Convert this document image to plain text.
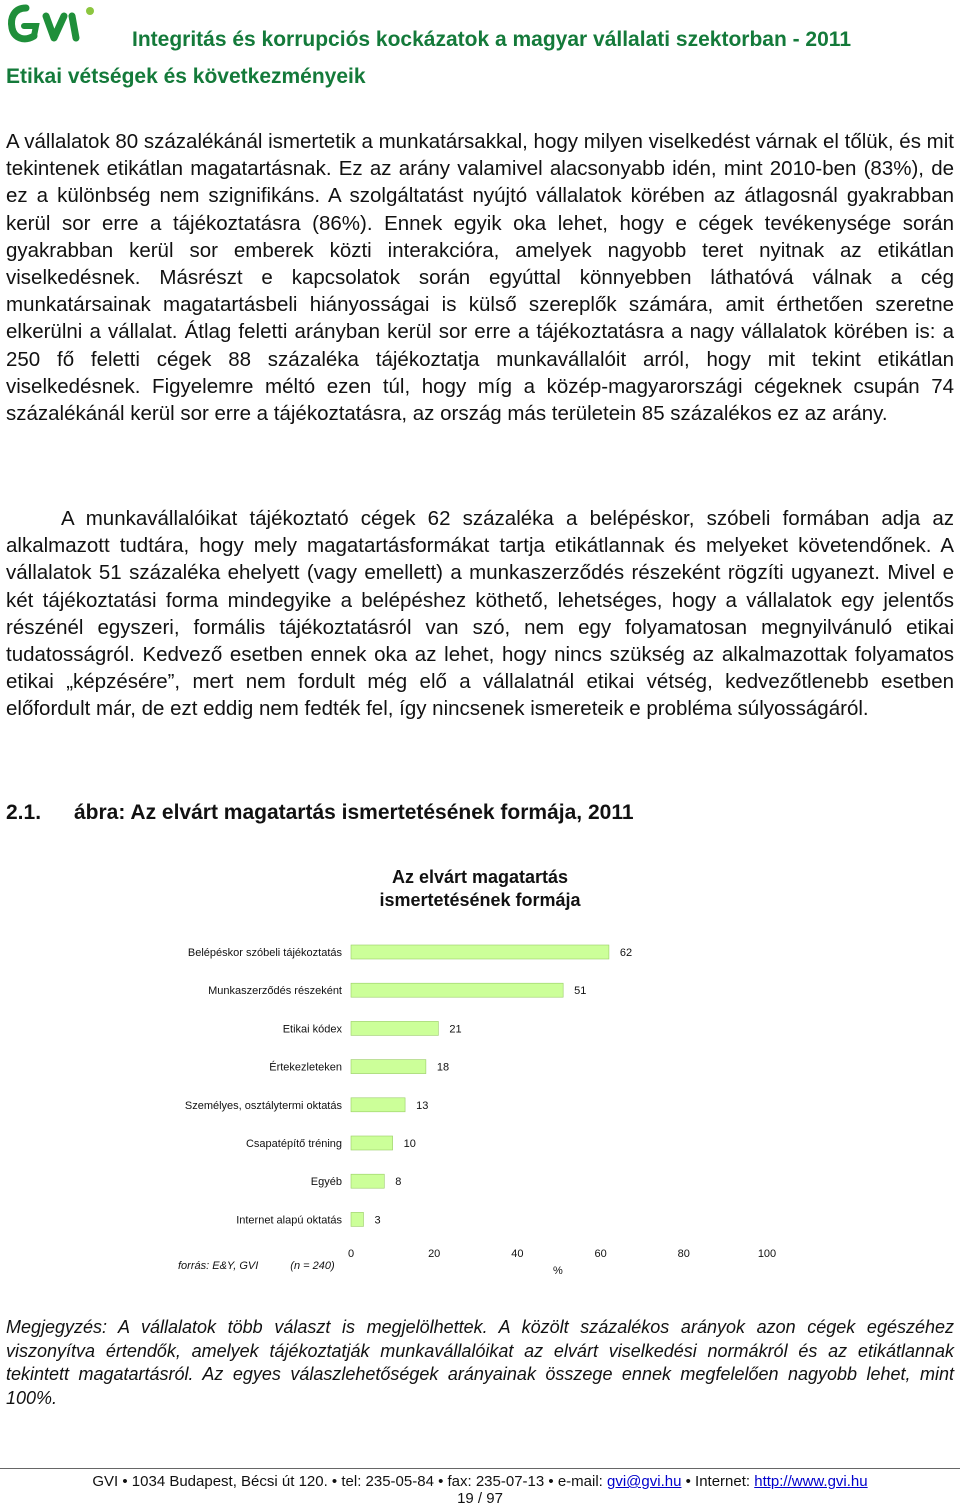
Integritás és korrupciós kockázatok a magyar vállalati szektorban - 2011
Etikai vétségek és következményeik

A vállalatok 80 százalékánál ismertetik a munkatársakkal, hogy milyen viselkedést várnak el tőlük, és mit tekintenek etikátlan magatartásnak. Ez az arány valamivel alacsonyabb idén, mint 2010-ben (83%), de ez a különbség nem szignifikáns. A szolgáltatást nyújtó vállalatok körében az átlagosnál gyakrabban kerül sor erre a tájékoztatásra (86%). Ennek egyik oka lehet, hogy e cégek tevékenysége során gyakrabban kerül sor emberek közti interakcióra, amelyek nagyobb teret nyitnak az etikátlan viselkedésnek. Másrészt e kapcsolatok során egyúttal könnyebben láthatóvá válnak a cég munkatársainak magatartásbeli hiányosságai is külső szereplők számára, amit érthetően szeretne elkerülni a vállalat. Átlag feletti arányban kerül sor erre a tájékoztatásra a nagy vállalatok körében is: a 250 fő feletti cégek 88 százaléka tájékoztatja munkavállalóit arról, hogy mit tekint etikátlan viselkedésnek. Figyelemre méltó ezen túl, hogy míg a közép-magyarországi cégeknek csupán 74 százalékánál kerül sor erre a tájékoztatásra, az ország más területein 85 százalékos ez az arány.

A munkavállalóikat tájékoztató cégek 62 százaléka a belépéskor, szóbeli formában adja az alkalmazott tudtára, hogy mely magatartásformákat tartja etikátlannak és melyeket követendőnek. A vállalatok 51 százaléka ehelyett (vagy emellett) a munkaszerződés részeként rögzíti ugyanezt. Mivel e két tájékoztatási forma mindegyike a belépéshez köthető, lehetséges, hogy a vállalatok egy jelentős részénél egyszeri, formális tájékoztatásról van szó, nem egy folyamatosan megnyilvánuló etikai tudatosságról. Kedvező esetben ennek oka az lehet, hogy nincs szükség az alkalmazottak folyamatos etikai „képzésére”, mert nem fordult még elő a vállalatnál etikai vétség, kedvezőtlenebb esetben előfordult már, de ezt eddig nem fedték fel, így nincsenek ismereteik e probléma súlyosságáról.

2.1. ábra: Az elvárt magatartás ismertetésének formája, 2011
Az elvárt magatartás
ismertetésének formája
Belépéskor szóbeli tájékoztatás	62
Munkaszerződés részeként	51
Etikai kódex	21
Értekezleteken	18
Személyes, osztálytermi oktatás	13
Csapatépítő tréning	10
Egyéb	8
Internet alapú oktatás	3
0	20	40	60	80	100
forrás: E&Y, GVI	(n = 240)	%

Megjegyzés: A vállalatok több választ is megjelölhettek. A közölt százalékos arányok azon cégek egészéhez viszonyítva értendők, amelyek tájékoztatják munkavállalóikat az elvárt viselkedési normákról és az etikátlannak tekintett magatartásról. Az egyes válaszlehetőségek arányainak összege ennek megfelelően nagyobb lehet, mint 100%.

GVI • 1034 Budapest, Bécsi út 120. • tel: 235-05-84 • fax: 235-07-13 • e-mail: gvi@gvi.hu • Internet: http://www.gvi.hu
19 / 97
